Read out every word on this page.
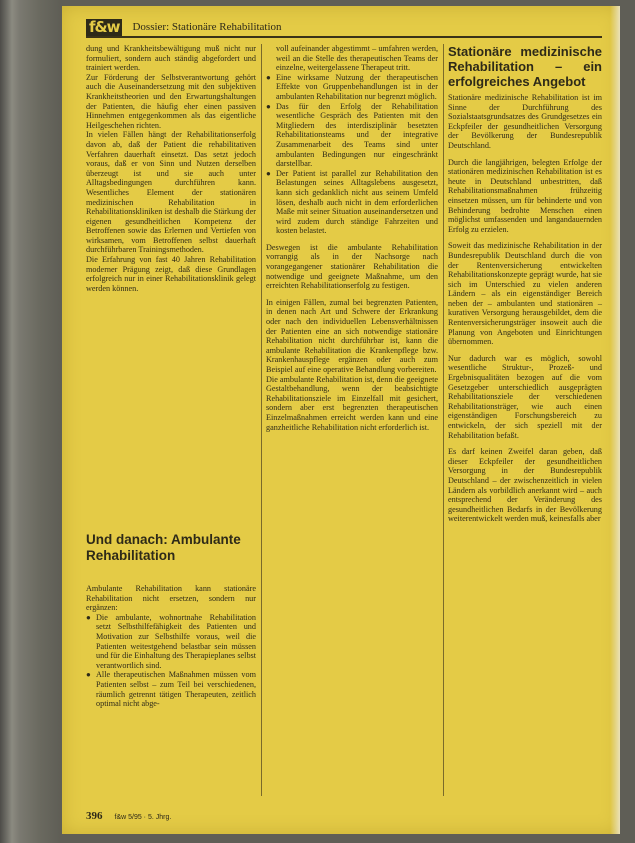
f&w Dossier: Stationäre Rehabilitation

dung und Krankheitsbewältigung muß nicht nur formuliert, sondern auch ständig abgefordert und trainiert werden.

Zur Förderung der Selbstverantwortung gehört auch die Auseinandersetzung mit den subjektiven Krankheitstheorien und den Erwartungshaltungen der Patienten, die häufig eher einen passiven Hinnehmen entgegenkommen als das eigentliche Heilgeschehen richten.

In vielen Fällen hängt der Rehabilitationserfolg davon ab, daß der Patient die rehabilitativen Verfahren dauerhaft einsetzt. Das setzt jedoch voraus, daß er von Sinn und Nutzen derselben überzeugt ist und sie auch unter Alltagsbedingungen durchführen kann. Wesentliches Element der stationären medizinischen Rehabilitation in Rehabilitationskliniken ist deshalb die Stärkung der eigenen gesundheitlichen Kompetenz der Betroffenen sowie das Erlernen und Vertiefen von wirksamen, vom Betroffenen selbst dauerhaft durchführbaren Trainingsmethoden.

Die Erfahrung von fast 40 Jahren Rehabilitation moderner Prägung zeigt, daß diese Grundlagen erfolgreich nur in einer Rehabilitationsklinik gelegt werden können.

Und danach: Ambulante Rehabilitation

Ambulante Rehabilitation kann stationäre Rehabilitation nicht ersetzen, sondern nur ergänzen:

● Die ambulante, wohnortnahe Rehabilitation setzt Selbsthilfefähigkeit des Patienten und Motivation zur Selbsthilfe voraus, weil die Patienten weitestgehend belastbar sein müssen und für die Einhaltung des Therapieplanes selbst verantwortlich sind.
● Alle therapeutischen Maßnahmen müssen vom Patienten selbst – zum Teil bei verschiedenen, räumlich getrennt tätigen Therapeuten, zeitlich optimal nicht abge-

voll aufeinander abgestimmt – umfahren werden, weil an die Stelle des therapeutischen Teams der einzelne, weitergelassene Therapeut tritt.

● Eine wirksame Nutzung der therapeutischen Effekte von Gruppenbehandlungen ist in der ambulanten Rehabilitation nur begrenzt möglich.
● Das für den Erfolg der Rehabilitation wesentliche Gespräch des Patienten mit den Mitgliedern des interdisziplinär besetzten Rehabilitationsteams und der integrative Zusammenarbeit des Teams sind unter ambulanten Bedingungen nur eingeschränkt darstellbar.
● Der Patient ist parallel zur Rehabilitation den Belastungen seines Alltagslebens ausgesetzt, kann sich gedanklich nicht aus seinem Umfeld lösen, deshalb auch nicht in dem erforderlichen Maße mit seiner Situation auseinandersetzen und wird zudem durch ständige Fahrzeiten und kosten belastet.

Deswegen ist die ambulante Rehabilitation vorrangig als in der Nachsorge nach vorangegangener stationärer Rehabilitation die notwendige und geeignete Maßnahme, um den erreichten Rehabilitationserfolg zu festigen.

In einigen Fällen, zumal bei begrenzten Patienten, in denen nach Art und Schwere der Erkrankung oder nach den individuellen Lebensverhältnissen der Patienten eine an sich notwendige stationäre Rehabilitation nicht durchführbar ist, kann die ambulante Rehabilitation die Krankenpflege bzw. Krankenhauspflege ergänzen oder auch zum Beispiel auf eine operative Behandlung vorbereiten.

Die ambulante Rehabilitation ist, denn die geeignete Gestaltbehandlung, wenn der beabsichtigte Rehabilitationsziele im Einzelfall mit gesichert, sondern aber erst begrenzten therapeutischen Einzelmaßnahmen erreicht werden kann und eine ganzheitliche Rehabilitation nicht erforderlich ist.

Stationäre medizinische Rehabilitation – ein erfolgreiches Angebot

Stationäre medizinische Rehabilitation ist im Sinne der Durchführung des Sozialstaatsgrundsatzes des Grundgesetzes ein Eckpfeiler der gesundheitlichen Versorgung der Bevölkerung der Bundesrepublik Deutschland.

Durch die langjährigen, belegten Erfolge der stationären medizinischen Rehabilitation ist es heute in Deutschland unbestritten, daß Rehabilitationsmaßnahmen frühzeitig einsetzen müssen, um für behinderte und von Behinderung bedrohte Menschen einen möglichst umfassenden und langandauernden Erfolg zu erzielen.

Soweit das medizinische Rehabilitation in der Bundesrepublik Deutschland durch die von der Rentenversicherung entwickelten Rehabilitationskonzepte geprägt wurde, hat sie sich im Unterschied zu vielen anderen Ländern – als ein eigenständiger Bereich neben der – ambulanten und stationären – kurativen Versorgung herausgebildet, dem die Rentenversicherungsträger insoweit auch die Planung von Angeboten und Einrichtungen übernommen.

Nur dadurch war es möglich, sowohl wesentliche Struktur-, Prozeß- und Ergebnisqualitäten bezogen auf die vom Gesetzgeber unterschiedlich ausgeprägten Rehabilitationsziele der verschiedenen Rehabilitationsträger, wie auch einen eigenständigen Forschungsbereich zu entwickeln, der sich speziell mit der Rehabilitation befaßt.

Es darf keinen Zweifel daran geben, daß dieser Eckpfeiler der gesundheitlichen Versorgung in der Bundesrepublik Deutschland – der zwischenzeitlich in vielen Ländern als vorbildlich anerkannt wird – auch entsprechend der Veränderung des gesundheitlichen Bedarfs in der Bevölkerung weiterentwickelt werden muß, keinesfalls aber

396 f&w 5/95 · 5. Jhrg.
